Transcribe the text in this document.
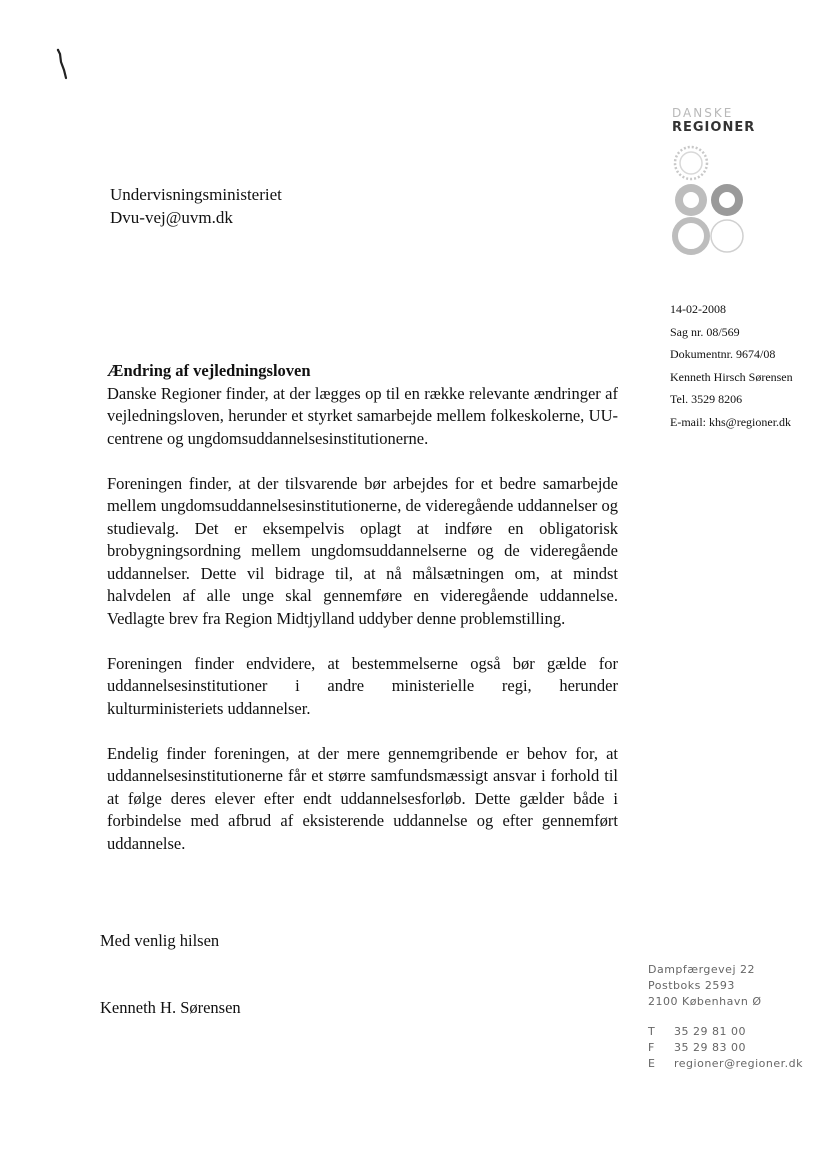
DANSKE
REGIONER
Undervisningsministeriet
Dvu-vej@uvm.dk
14-02-2008
Sag nr. 08/569
Dokumentnr. 9674/08
Kenneth Hirsch Sørensen
Tel. 3529 8206
E-mail: khs@regioner.dk
Ændring af vejledningsloven

Danske Regioner finder, at der lægges op til en række relevante ændringer af vejledningsloven, herunder et styrket samarbejde mellem folkeskolerne, UU-centrene og ungdomsuddannelsesinstitutionerne.

Foreningen finder, at der tilsvarende bør arbejdes for et bedre samarbejde mellem ungdomsuddannelsesinstitutionerne, de videregående uddannelser og studievalg. Det er eksempelvis oplagt at indføre en obligatorisk brobygningsordning mellem ungdomsuddannelserne og de videregående uddannelser. Dette vil bidrage til, at nå målsætningen om, at mindst halvdelen af alle unge skal gennemføre en videregående uddannelse. Vedlagte brev fra Region Midtjylland uddyber denne problemstilling.

Foreningen finder endvidere, at bestemmelserne også bør gælde for uddannelsesinstitutioner i andre ministerielle regi, herunder kulturministeriets uddannelser.

Endelig finder foreningen, at der mere gennemgribende er behov for, at uddannelsesinstitutionerne får et større samfundsmæssigt ansvar i forhold til at følge deres elever efter endt uddannelsesforløb. Dette gælder både i forbindelse med afbrud af eksisterende uddannelse og efter gennemført uddannelse.

Med venlig hilsen
Kenneth H. Sørensen
Dampfærgevej 22
Postboks 2593
2100 København Ø
T	35 29 81 00
F	35 29 83 00
E	regioner@regioner.dk
